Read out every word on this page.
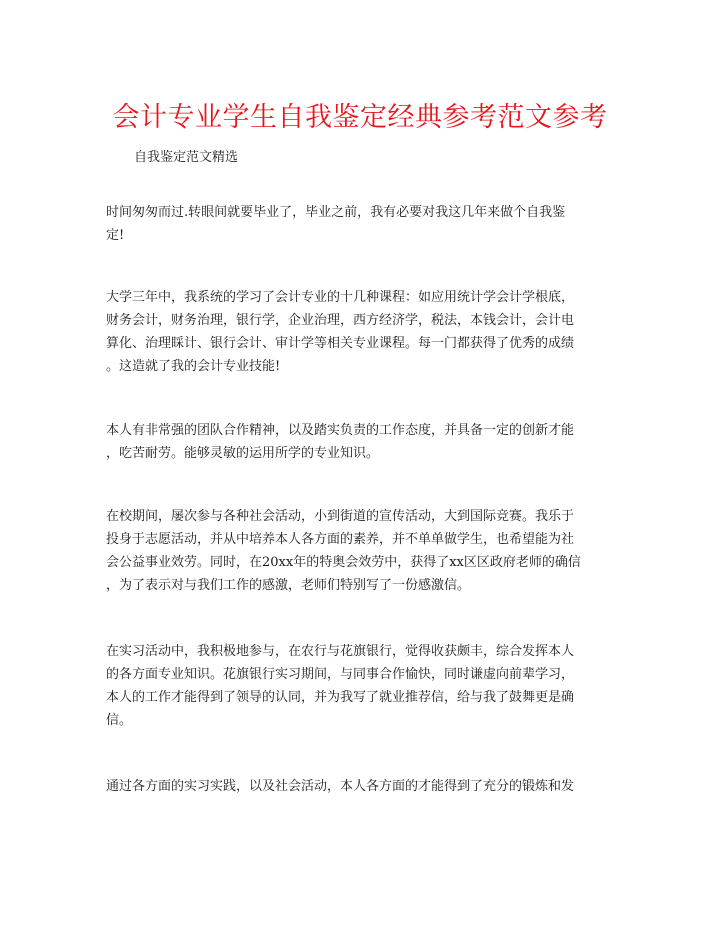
会计专业学生自我鉴定经典参考范文参考
自我鉴定范文精选
时间匆匆而过.转眼间就要毕业了，毕业之前，我有必要对我这几年来做个自我鉴
定!
大学三年中，我系统的学习了会计专业的十几种课程：如应用统计学会计学根底，
财务会计，财务治理，银行学，企业治理，西方经济学，税法，本钱会计，会计电
算化、治理睬计、银行会计、审计学等相关专业课程。每一门都获得了优秀的成绩
。这造就了我的会计专业技能!
本人有非常强的团队合作精神，以及踏实负责的工作态度，并具备一定的创新才能
，吃苦耐劳。能够灵敏的运用所学的专业知识。
在校期间，屡次参与各种社会活动，小到街道的宣传活动，大到国际竞赛。我乐于
投身于志愿活动，并从中培养本人各方面的素养，并不单单做学生，也希望能为社
会公益事业效劳。同时，在20xx年的特奥会效劳中，获得了xx区区政府老师的确信
，为了表示对与我们工作的感激，老师们特别写了一份感激信。
在实习活动中，我积极地参与，在农行与花旗银行，觉得收获颇丰，综合发挥本人
的各方面专业知识。花旗银行实习期间，与同事合作愉快，同时谦虚向前辈学习，
本人的工作才能得到了领导的认同，并为我写了就业推荐信，给与我了鼓舞更是确
信。
通过各方面的实习实践，以及社会活动，本人各方面的才能得到了充分的锻炼和发
